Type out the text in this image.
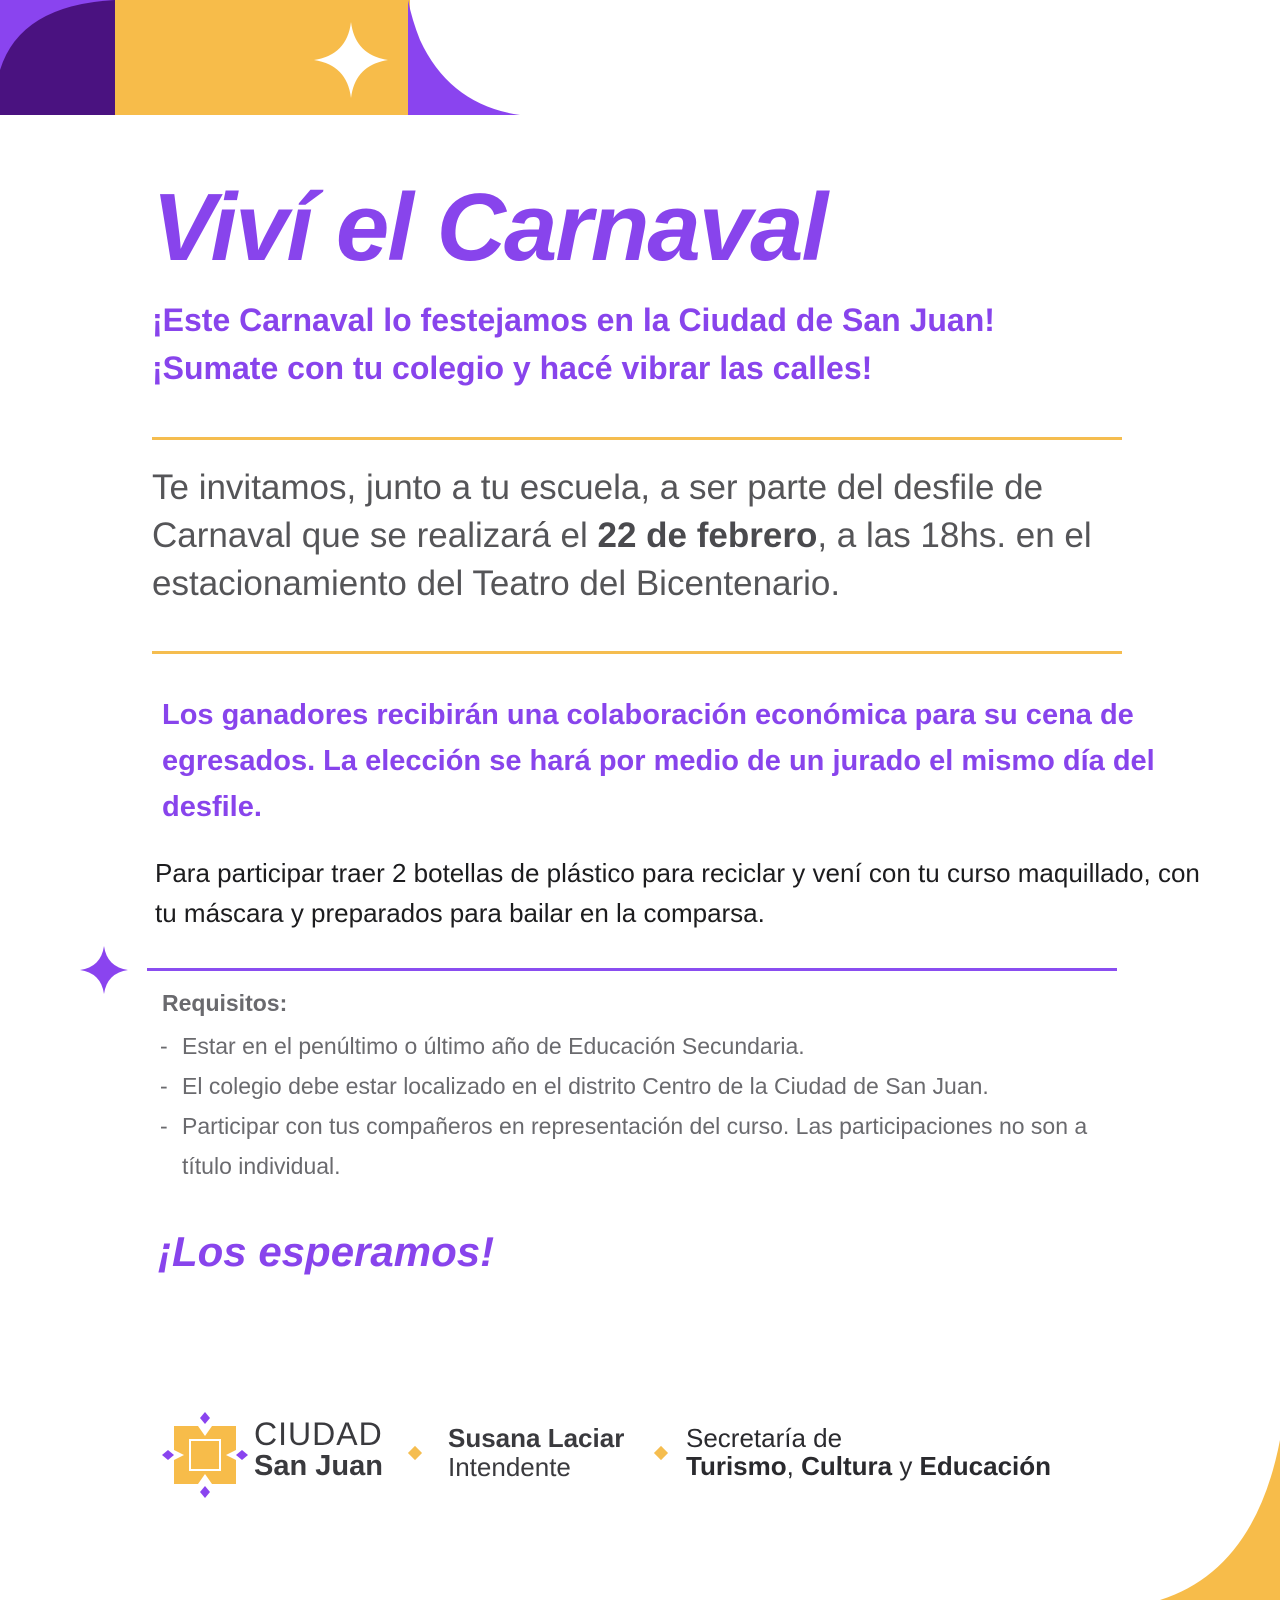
Viví el Carnaval
¡Este Carnaval lo festejamos en la Ciudad de San Juan!
¡Sumate con tu colegio y hacé vibrar las calles!

Te invitamos, junto a tu escuela, a ser parte del desfile de Carnaval que se realizará el 22 de febrero, a las 18hs. en el estacionamiento del Teatro del Bicentenario.

Los ganadores recibirán una colaboración económica para su cena de egresados. La elección se hará por medio de un jurado el mismo día del desfile.

Para participar traer 2 botellas de plástico para reciclar y vení con tu curso maquillado, con tu máscara y preparados para bailar en la comparsa.

Requisitos:

- Estar en el penúltimo o último año de Educación Secundaria.
- El colegio debe estar localizado en el distrito Centro de la Ciudad de San Juan.
- Participar con tus compañeros en representación del curso. Las participaciones no son a título individual.

¡Los esperamos!

CIUDAD
San Juan
Susana Laciar
Intendente
Secretaría de
Turismo, Cultura y Educación
